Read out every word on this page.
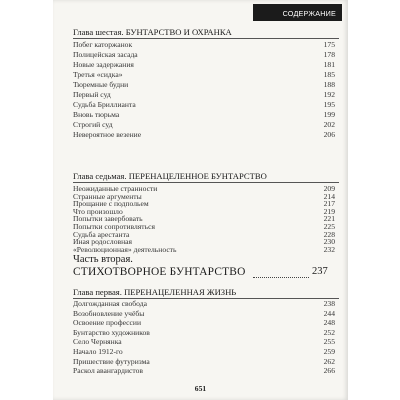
СОДЕРЖАНИЕ
Глава шестая. БУНТАРСТВО И ОХРАНКА
Побег каторжанок	175
Полицейская засада	178
Новые задержания	181
Третья «сидка»	185
Тюремные будни	188
Первый суд	192
Судьба Бриллианта	195
Вновь тюрьма	199
Строгий суд	202
Невероятное везение	206
Глава седьмая. ПЕРЕНАЦЕЛЕННОЕ БУНТАРСТВО
Неожиданные странности	209
Странные аргументы	214
Прощание с подпольем	217
Что произошло	219
Попытки завербовать	221
Попытки сопротивляться	225
Судьба арестанта	228
Иная родословная	230
«Революционная» деятельность	232
Часть вторая.
СТИХОТВОРНОЕ БУНТАРСТВО	237
Глава первая. ПЕРЕНАЦЕЛЕННАЯ ЖИЗНЬ
Долгожданная свобода	238
Возобновление учёбы	244
Освоение профессии	248
Бунтарство художников	252
Село Чернянка	255
Начало 1912-го	259
Пришествие футуризма	262
Раскол авангардистов	266
651
